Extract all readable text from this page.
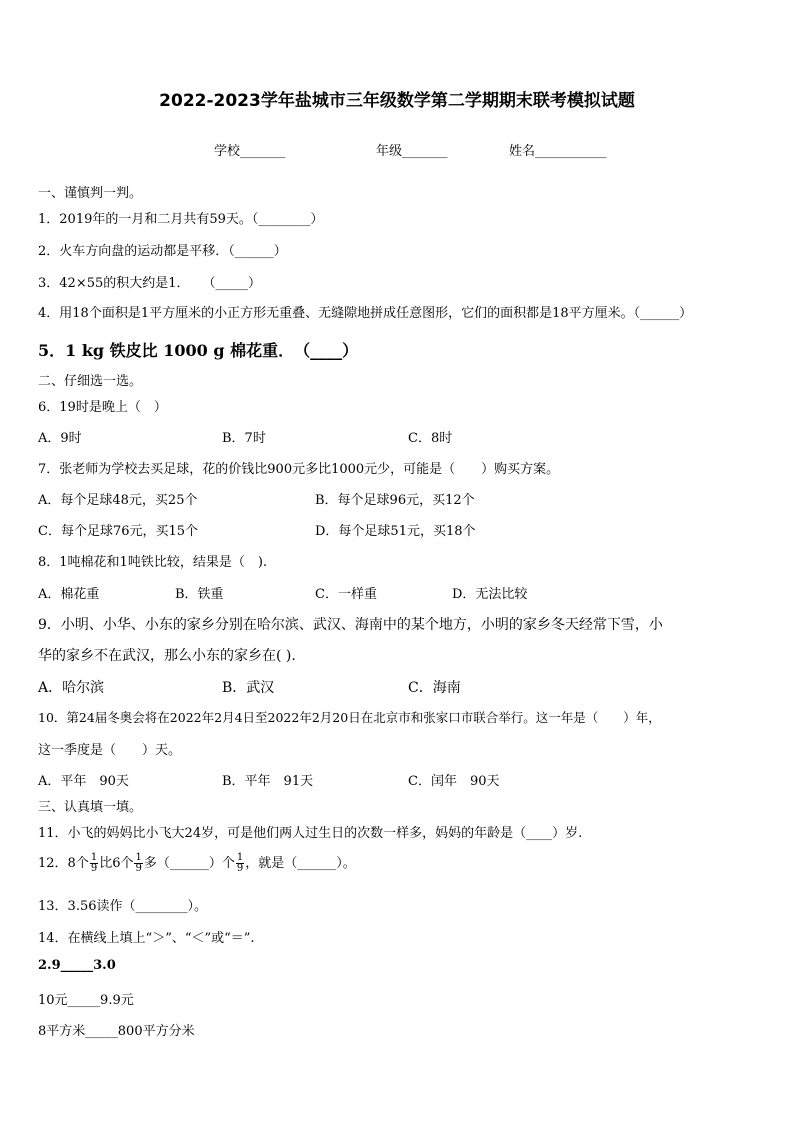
2022-2023学年盐城市三年级数学第二学期期末联考模拟试题
学校_______	年级_______	姓名___________
一、谨慎判一判。
1．2019年的一月和二月共有59天。（________）
2．火车方向盘的运动都是平移．（______）
3．42×55的积大约是1．　　（_____）
4．用18个面积是1平方厘米的小正方形无重叠、无缝隙地拼成任意图形，它们的面积都是18平方厘米。（______）
5．1 kg 铁皮比 1000 g 棉花重．　（____）
二、仔细选一选。
6．19时是晚上（　）
A．9时	B．7时	C．8时
7．张老师为学校去买足球，花的价钱比900元多比1000元少，可能是（　　）购买方案。
A．每个足球48元，买25个	B．每个足球96元，买12个
C．每个足球76元，买15个	D．每个足球51元，买18个
8．1吨棉花和1吨铁比较，结果是（　).
A．棉花重	B．铁重	C．一样重	D．无法比较
9．小明、小华、小东的家乡分别在哈尔滨、武汉、海南中的某个地方，小明的家乡冬天经常下雪，小
华的家乡不在武汉，那么小东的家乡在( ).
A．哈尔滨	B．武汉	C．海南
10．第24届冬奥会将在2022年2月4日至2022年2月20日在北京市和张家口市联合举行。这一年是（　　）年，
这一季度是（　　）天。
A．平年　90天	B．平年　91天	C．闰年　90天
三、认真填一填。
11．小飞的妈妈比小飞大24岁，可是他们两人过生日的次数一样多，妈妈的年龄是（____）岁.
12．8个 $\frac{1}{9}$ 比6个 $\frac{1}{9}$ 多（______）个 $\frac{1}{9}$ ，就是（______）。
13．3.56读作（________）。
14．在横线上填上“＞”、“＜”或“＝”.
2.9_____3.0
10元_____9.9元
8平方米_____800平方分米
